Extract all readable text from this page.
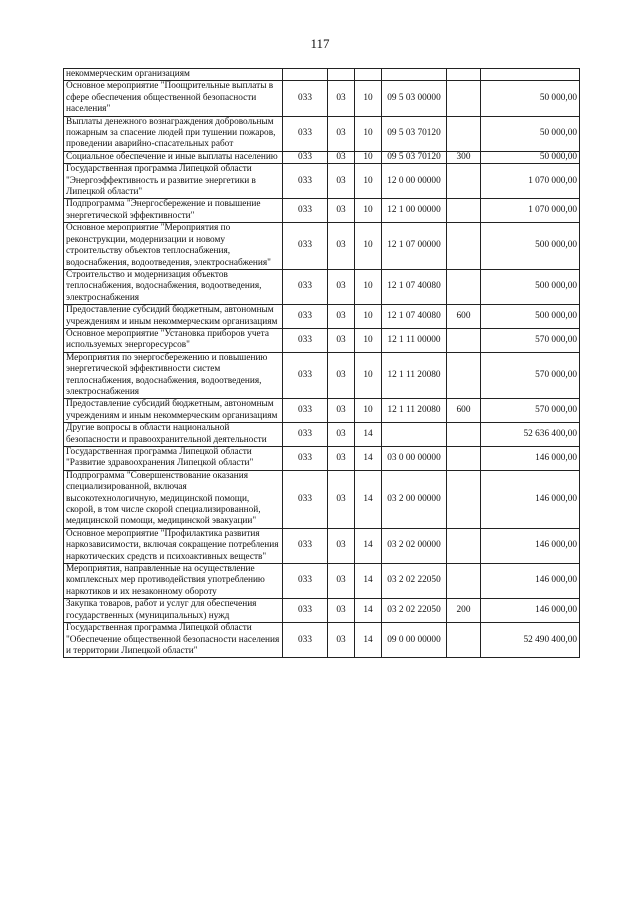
117
некоммерческим организациям						
Основное мероприятие "Поощрительные выплаты в сфере обеспечения общественной безопасности населения"	033	03	10	09 5 03 00000		50 000,00
Выплаты денежного вознаграждения добровольным пожарным за спасение людей при тушении пожаров, проведении аварийно-спасательных работ	033	03	10	09 5 03 70120		50 000,00
Социальное обеспечение и иные выплаты населению	033	03	10	09 5 03 70120	300	50 000,00
Государственная программа Липецкой области "Энергоэффективность и развитие энергетики в Липецкой области"	033	03	10	12 0 00 00000		1 070 000,00
Подпрограмма "Энергосбережение и повышение энергетической эффективности"	033	03	10	12 1 00 00000		1 070 000,00
Основное мероприятие "Мероприятия по реконструкции, модернизации и новому строительству объектов теплоснабжения, водоснабжения, водоотведения, электроснабжения"	033	03	10	12 1 07 00000		500 000,00
Строительство и модернизация объектов теплоснабжения, водоснабжения, водоотведения, электроснабжения	033	03	10	12 1 07 40080		500 000,00
Предоставление субсидий бюджетным, автономным учреждениям и иным некоммерческим организациям	033	03	10	12 1 07 40080	600	500 000,00
Основное мероприятие "Установка приборов учета используемых энергоресурсов"	033	03	10	12 1 11 00000		570 000,00
Мероприятия по энергосбережению и повышению энергетической эффективности систем теплоснабжения, водоснабжения, водоотведения, электроснабжения	033	03	10	12 1 11 20080		570 000,00
Предоставление субсидий бюджетным, автономным учреждениям и иным некоммерческим организациям	033	03	10	12 1 11 20080	600	570 000,00
Другие вопросы в области национальной безопасности и правоохранительной деятельности	033	03	14			52 636 400,00
Государственная программа Липецкой области "Развитие здравоохранения Липецкой области"	033	03	14	03 0 00 00000		146 000,00
Подпрограмма "Совершенствование оказания специализированной, включая высокотехнологичную, медицинской помощи, скорой, в том числе скорой специализированной, медицинской помощи, медицинской эвакуации"	033	03	14	03 2 00 00000		146 000,00
Основное мероприятие "Профилактика развития наркозависимости, включая сокращение потребления наркотических средств и психоактивных веществ"	033	03	14	03 2 02 00000		146 000,00
Мероприятия, направленные на осуществление комплексных мер противодействия употреблению наркотиков и их незаконному обороту	033	03	14	03 2 02 22050		146 000,00
Закупка товаров, работ и услуг для обеспечения государственных (муниципальных) нужд	033	03	14	03 2 02 22050	200	146 000,00
Государственная программа Липецкой области "Обеспечение общественной безопасности населения и территории Липецкой области"	033	03	14	09 0 00 00000		52 490 400,00
